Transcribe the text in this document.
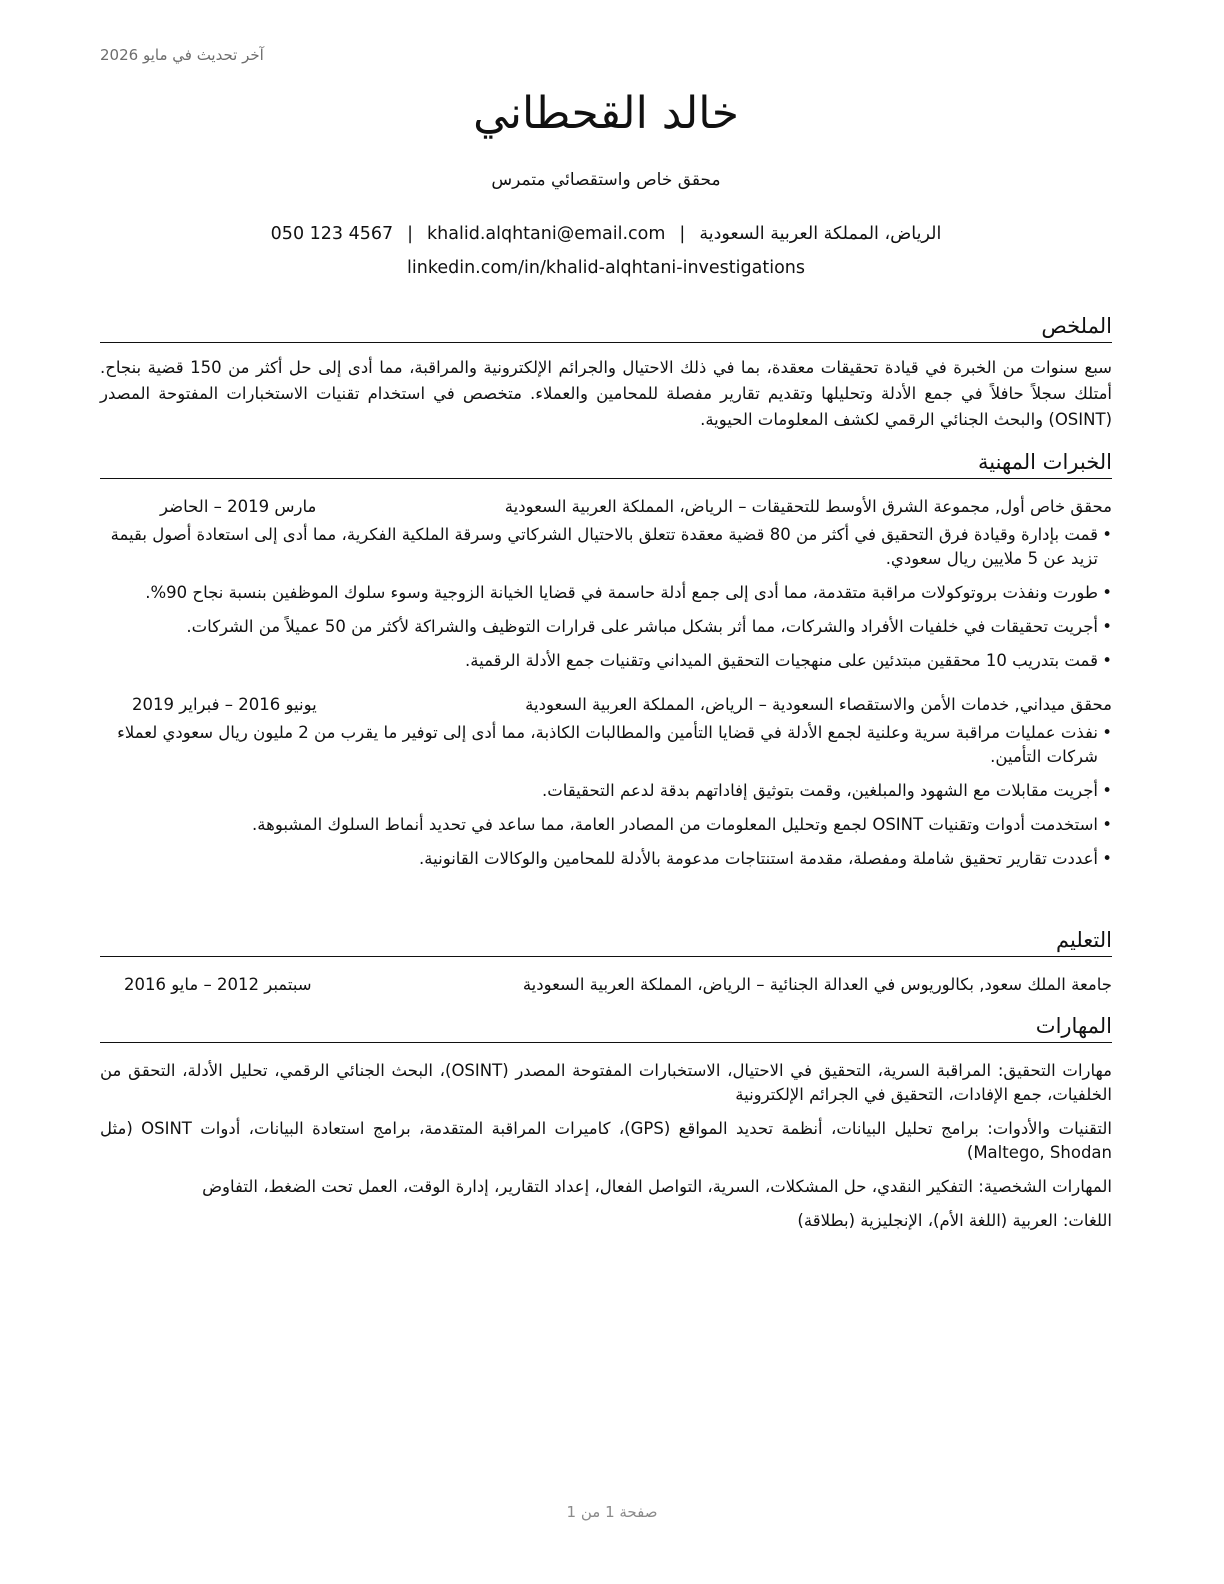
آخر تحديث في مايو 2026
خالد القحطاني
محقق خاص واستقصائي متمرس
الرياض، المملكة العربية السعودية|khalid.alqhtani@email.com|050 123 4567
linkedin.com/in/khalid-alqhtani-investigations
الملخص
سبع سنوات من الخبرة في قيادة تحقيقات معقدة، بما في ذلك الاحتيال والجرائم الإلكترونية والمراقبة، مما أدى إلى حل أكثر من 150 قضية بنجاح. أمتلك سجلاً حافلاً في جمع الأدلة وتحليلها وتقديم تقارير مفصلة للمحامين والعملاء. متخصص في استخدام تقنيات الاستخبارات المفتوحة المصدر (OSINT) والبحث الجنائي الرقمي لكشف المعلومات الحيوية.
الخبرات المهنية
محقق خاص أول, مجموعة الشرق الأوسط للتحقيقات – الرياض، المملكة العربية السعودية
مارس 2019 – الحاضر
• قمت بإدارة وقيادة فرق التحقيق في أكثر من 80 قضية معقدة تتعلق بالاحتيال الشركاتي وسرقة الملكية الفكرية، مما أدى إلى استعادة أصول بقيمة تزيد عن 5 ملايين ريال سعودي.
• طورت ونفذت بروتوكولات مراقبة متقدمة، مما أدى إلى جمع أدلة حاسمة في قضايا الخيانة الزوجية وسوء سلوك الموظفين بنسبة نجاح 90%.
• أجريت تحقيقات في خلفيات الأفراد والشركات، مما أثر بشكل مباشر على قرارات التوظيف والشراكة لأكثر من 50 عميلاً من الشركات.
• قمت بتدريب 10 محققين مبتدئين على منهجيات التحقيق الميداني وتقنيات جمع الأدلة الرقمية.
محقق ميداني, خدمات الأمن والاستقصاء السعودية – الرياض، المملكة العربية السعودية
يونيو 2016 – فبراير 2019
• نفذت عمليات مراقبة سرية وعلنية لجمع الأدلة في قضايا التأمين والمطالبات الكاذبة، مما أدى إلى توفير ما يقرب من 2 مليون ريال سعودي لعملاء شركات التأمين.
• أجريت مقابلات مع الشهود والمبلغين، وقمت بتوثيق إفاداتهم بدقة لدعم التحقيقات.
• استخدمت أدوات وتقنيات OSINT لجمع وتحليل المعلومات من المصادر العامة، مما ساعد في تحديد أنماط السلوك المشبوهة.
• أعددت تقارير تحقيق شاملة ومفصلة، مقدمة استنتاجات مدعومة بالأدلة للمحامين والوكالات القانونية.
التعليم
جامعة الملك سعود, بكالوريوس في العدالة الجنائية – الرياض، المملكة العربية السعودية
سبتمبر 2012 – مايو 2016
المهارات
مهارات التحقيق: المراقبة السرية، التحقيق في الاحتيال، الاستخبارات المفتوحة المصدر (OSINT)، البحث الجنائي الرقمي، تحليل الأدلة، التحقق من الخلفيات، جمع الإفادات، التحقيق في الجرائم الإلكترونية
التقنيات والأدوات: برامج تحليل البيانات، أنظمة تحديد المواقع (GPS)، كاميرات المراقبة المتقدمة، برامج استعادة البيانات، أدوات OSINT (مثل Maltego, Shodan)
المهارات الشخصية: التفكير النقدي، حل المشكلات، السرية، التواصل الفعال، إعداد التقارير، إدارة الوقت، العمل تحت الضغط، التفاوض
اللغات: العربية (اللغة الأم)، الإنجليزية (بطلاقة)
صفحة 1 من 1
